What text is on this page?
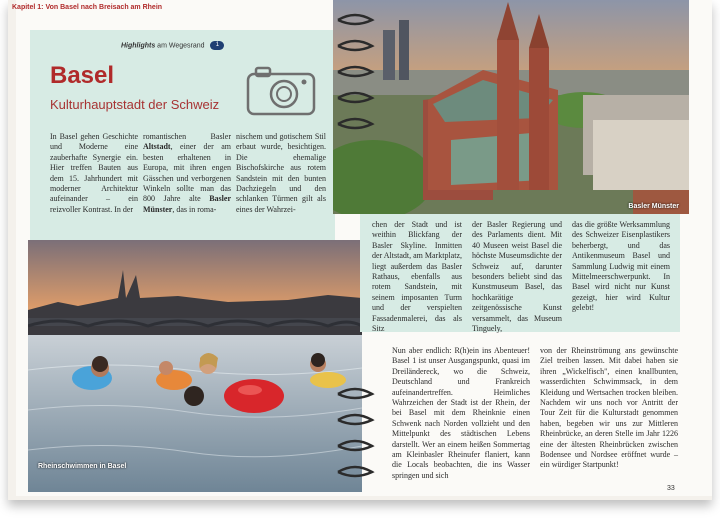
Kapitel 1: Von Basel nach Breisach am Rhein
Highlights am Wegesrand 1
Basel
Kulturhauptstadt der Schweiz

In Basel gehen Geschichte und Moderne eine zauberhafte Synergie ein. Hier treffen Bauten aus dem 15. Jahrhundert mit moderner Architektur aufeinander – ein reizvoller Kontrast. In der

romantischen Basler Altstadt, einer der am besten erhaltenen in Europa, mit ihren engen Gässchen und verborgenen Winkeln sollte man das 800 Jahre alte Basler Münster, das in roma-

nischem und gotischem Stil erbaut wurde, besichtigen. Die ehemalige Bischofskirche aus rotem Sandstein mit den bunten Dachziegeln und den schlanken Türmen gilt als eines der Wahrzei-

Rheinschwimmen in Basel
Basler Münster

chen der Stadt und ist weithin Blickfang der Basler Skyline. Inmitten der Altstadt, am Marktplatz, liegt außerdem das Basler Rathaus, ebenfalls aus rotem Sandstein, mit seinem imposanten Turm und der verspielten Fassadenmalerei, das als Sitz

der Basler Regierung und des Parlaments dient. Mit 40 Museen weist Basel die höchste Museumsdichte der Schweiz auf, darunter besonders beliebt sind das Kunstmuseum Basel, das hochkarätige zeitgenössische Kunst versammelt, das Museum Tinguely,

das die größte Werksammlung des Schweizer Eisenplastikers beherbergt, und das Antikenmuseum Basel und Sammlung Ludwig mit einem Mittelmeerschwerpunkt. In Basel wird nicht nur Kunst gezeigt, hier wird Kultur gelebt!

Nun aber endlich: R(h)ein ins Abenteuer! Basel 1 ist unser Ausgangspunkt, quasi im Dreiländereck, wo die Schweiz, Deutschland und Frankreich aufeinandertreffen. Heimliches Wahrzeichen der Stadt ist der Rhein, der bei Basel mit dem Rheinknie einen Schwenk nach Norden vollzieht und den Mittelpunkt des städtischen Lebens darstellt. Wer an einem heißen Sommertag am Kleinbasler Rheinufer flaniert, kann die Locals beobachten, die ins Wasser springen und sich

von der Rheinströmung ans gewünschte Ziel treiben lassen. Mit dabei haben sie ihren „Wickelfisch", einen knallbunten, wasserdichten Schwimmsack, in dem Kleidung und Wertsachen trocken bleiben. Nachdem wir uns noch vor Antritt der Tour Zeit für die Kulturstadt genommen haben, begeben wir uns zur Mittleren Rheinbrücke, an deren Stelle im Jahr 1226 eine der ältesten Rheinbrücken zwischen Bodensee und Nordsee eröffnet wurde – ein würdiger Startpunkt!

33
